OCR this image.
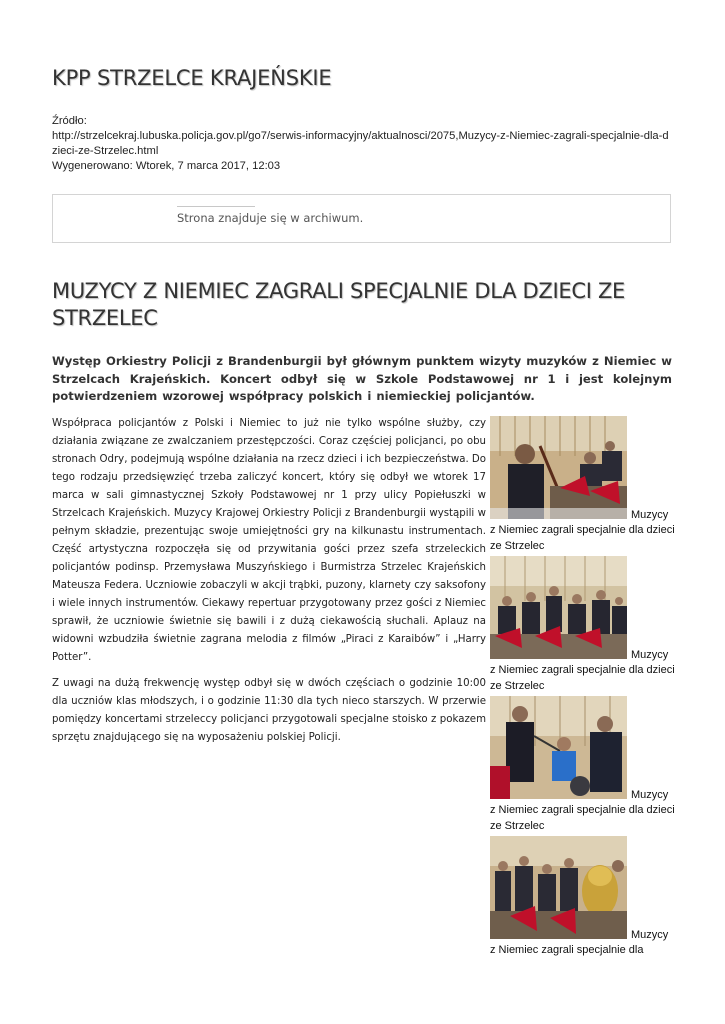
KPP STRZELCE KRAJEŃSKIE
Źródło:
http://strzelcekraj.lubuska.policja.gov.pl/go7/serwis-informacyjny/aktualnosci/2075,Muzycy-z-Niemiec-zagrali-specjalnie-dla-dzieci-ze-Strzelec.html
Wygenerowano: Wtorek, 7 marca 2017, 12:03
Strona znajduje się w archiwum.
MUZYCY Z NIEMIEC ZAGRALI SPECJALNIE DLA DZIECI ZE STRZELEC

Występ Orkiestry Policji z Brandenburgii był głównym punktem wizyty muzyków z Niemiec w Strzelcach Krajeńskich. Koncert odbył się w Szkole Podstawowej nr 1 i jest kolejnym potwierdzeniem wzorowej współpracy polskich i niemieckiej policjantów.

Współpraca policjantów z Polski i Niemiec to już nie tylko wspólne służby, czy działania związane ze zwalczaniem przestępczości. Coraz częściej policjanci, po obu stronach Odry, podejmują wspólne działania na rzecz dzieci i ich bezpieczeństwa. Do tego rodzaju przedsięwzięć trzeba zaliczyć koncert, który się odbył we wtorek 17 marca w sali gimnastycznej Szkoły Podstawowej nr 1 przy ulicy Popiełuszki w Strzelcach Krajeńskich. Muzycy Krajowej Orkiestry Policji z Brandenburgii wystąpili w pełnym składzie, prezentując swoje umiejętności gry na kilkunastu instrumentach. Część artystyczna rozpoczęła się od przywitania gości przez szefa strzeleckich policjantów podinsp. Przemysława Muszyńskiego i Burmistrza Strzelec Krajeńskich Mateusza Federa. Uczniowie zobaczyli w akcji trąbki, puzony, klarnety czy saksofony i wiele innych instrumentów. Ciekawy repertuar przygotowany przez gości z Niemiec sprawił, że uczniowie świetnie się bawili i z dużą ciekawością słuchali. Aplauz na widowni wzbudziła świetnie zagrana melodia z filmów „Piraci z Karaibów” i „Harry Potter”.

Z uwagi na dużą frekwencję występ odbył się w dwóch częściach o godzinie 10:00 dla uczniów klas młodszych, i o godzinie 11:30 dla tych nieco starszych. W przerwie pomiędzy koncertami strzeleccy policjanci przygotowali specjalne stoisko z pokazem sprzętu znajdującego się na wyposażeniu polskiej Policji.

Muzycy
z Niemiec zagrali specjalnie dla dzieci ze Strzelec
Muzycy
z Niemiec zagrali specjalnie dla dzieci ze Strzelec
Muzycy
z Niemiec zagrali specjalnie dla dzieci ze Strzelec
Muzycy
z Niemiec zagrali specjalnie dla
